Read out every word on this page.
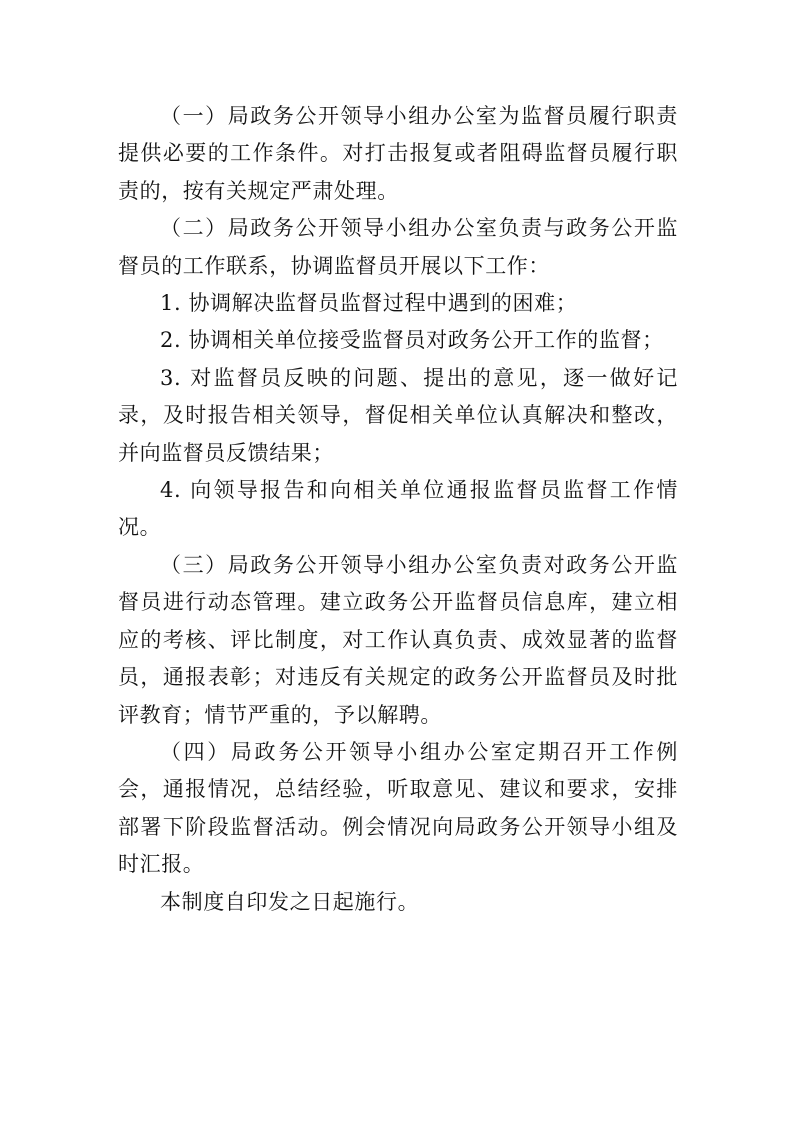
（一）局政务公开领导小组办公室为监督员履行职责提供必要的工作条件。对打击报复或者阻碍监督员履行职责的，按有关规定严肃处理。

（二）局政务公开领导小组办公室负责与政务公开监督员的工作联系，协调监督员开展以下工作：

1. 协调解决监督员监督过程中遇到的困难；

2. 协调相关单位接受监督员对政务公开工作的监督；

3. 对监督员反映的问题、提出的意见，逐一做好记录，及时报告相关领导，督促相关单位认真解决和整改，并向监督员反馈结果；

4. 向领导报告和向相关单位通报监督员监督工作情况。

（三）局政务公开领导小组办公室负责对政务公开监督员进行动态管理。建立政务公开监督员信息库，建立相应的考核、评比制度，对工作认真负责、成效显著的监督员，通报表彰；对违反有关规定的政务公开监督员及时批评教育；情节严重的，予以解聘。

（四）局政务公开领导小组办公室定期召开工作例会，通报情况，总结经验，听取意见、建议和要求，安排部署下阶段监督活动。例会情况向局政务公开领导小组及时汇报。

本制度自印发之日起施行。
